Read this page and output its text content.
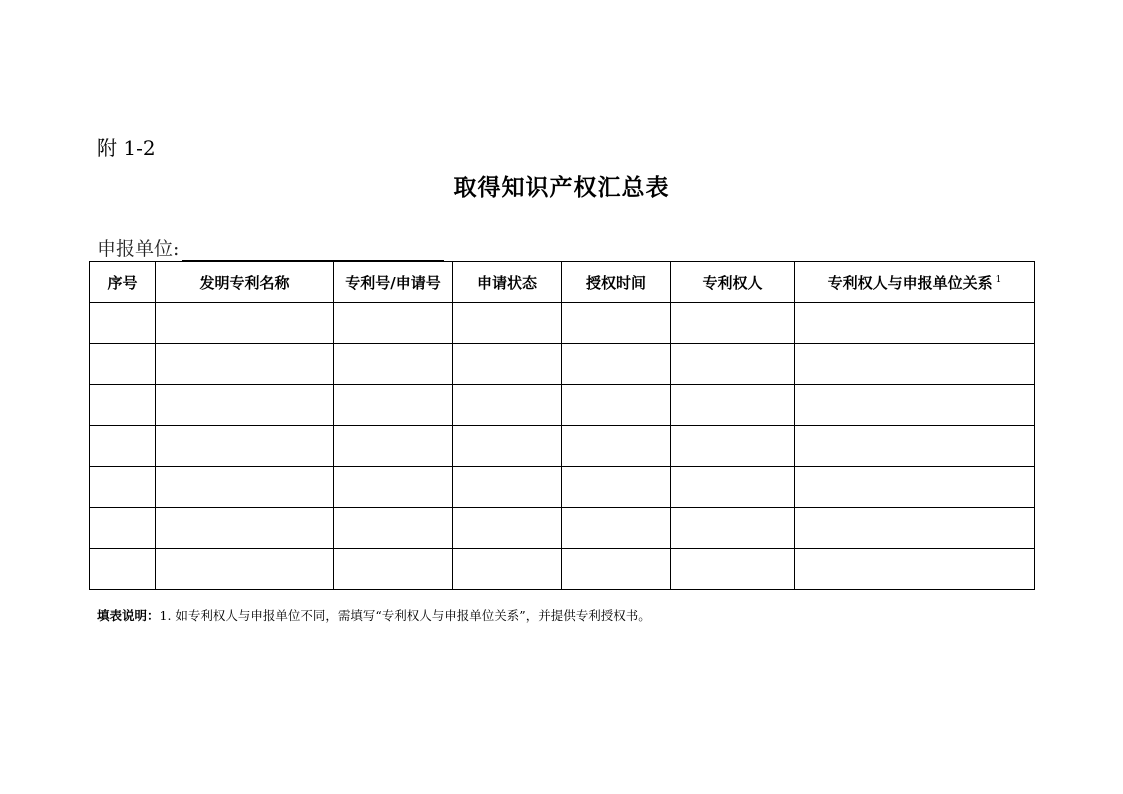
附 1-2
取得知识产权汇总表
申报单位:
序号	发明专利名称	专利号/申请号	申请状态	授权时间	专利权人	专利权人与申报单位关系 $^1$

填表说明：1. 如专利权人与申报单位不同，需填写“专利权人与申报单位关系”，并提供专利授权书。
